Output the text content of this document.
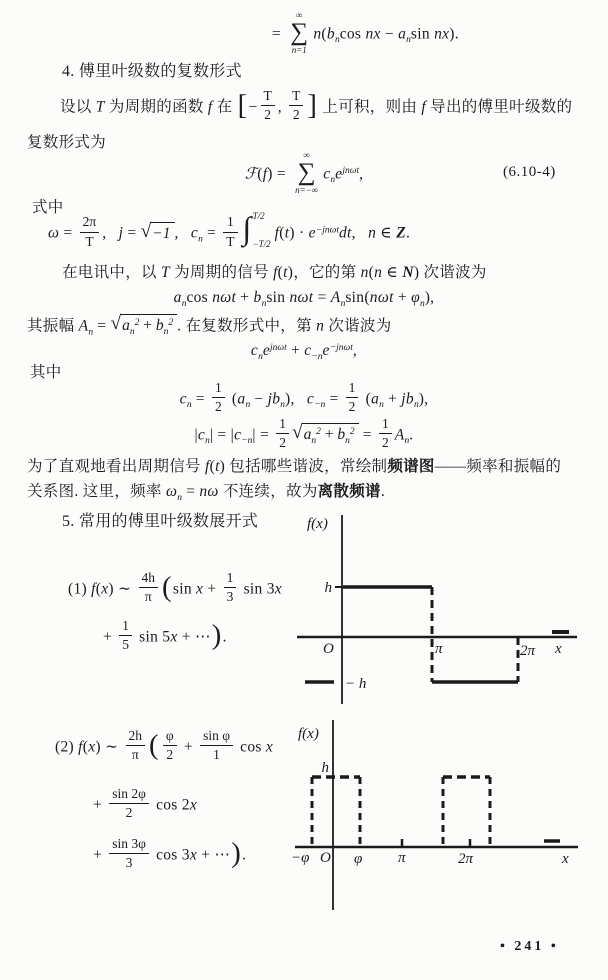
=
∞
∑
n=1
$n(b_n\cos$ nx − $a_n\sin$ nx).
4. 傅里叶级数的复数形式
设以 T 为周期的函数 f 在 [− $\frac{T}{2}$ , $\frac{T}{2}$ ] 上可积，则由 f 导出的傅里叶级数的
复数形式为
ℱ(f) =
∞
∑
n=−∞
$c_ne^{jn\omega t}$,	(6.10-4)
式中
$\omega = \frac{2\pi}{T}$ ,  j = √ −1 ,  $c_n = \frac{1}{T}$ ∫ T/2
−T/2
$f(t) \cdot e^{-jn\omega t}dt$,  n ∈ Z.
在电讯中，以 T 为周期的信号 f(t)，它的第 n(n ∈ N) 次谐波为
$a_n\cos$ $n\omega t + b_n\sin$ $n\omega t = A_n\sin(n\omega t + \varphi_n)$,
其振幅 $A_n$ = √ $a_n^2 + b_n^2$ . 在复数形式中，第 n 次谐波为
$c_ne^{jn\omega t} + c_{-n}e^{-jn\omega t}$,
其中
$c_n = \frac{1}{2} (a_n - jb_n)$,  $c_{-n} = \frac{1}{2} (a_n + jb_n)$,
$|c_n| = |c_{-n}| = \frac{1}{2}$ √ $a_n^2 + b_n^2 = \frac{1}{2} A_n$.
为了直观地看出周期信号 f(t) 包括哪些谐波，常绘制频谱图——频率和振幅的
关系图. 这里，频率 $\omega_n = n\omega$ 不连续，故为离散频谱.
5. 常用的傅里叶级数展开式
(1) f(x) ∼ $\frac{4h}{\pi} (\sin$ $x + \frac{1}{3}$ sin 3x
+ $\frac{1}{5}$ sin 5x + ⋯).
f(x)
h
O	π	2π x
− h
(2) f(x) ∼ $\frac{2h}{\pi}$ ( $\frac{\varphi}{2} + \frac{\text{sin φ}}{1}$ cos x
+ $\frac{\sin 2\varphi}{2}$ cos 2x
+ $\frac{\sin 3\varphi}{3}$ cos 3x + ⋯).
f(x)
h
−φ O φ π	2π	x
• 241 •
